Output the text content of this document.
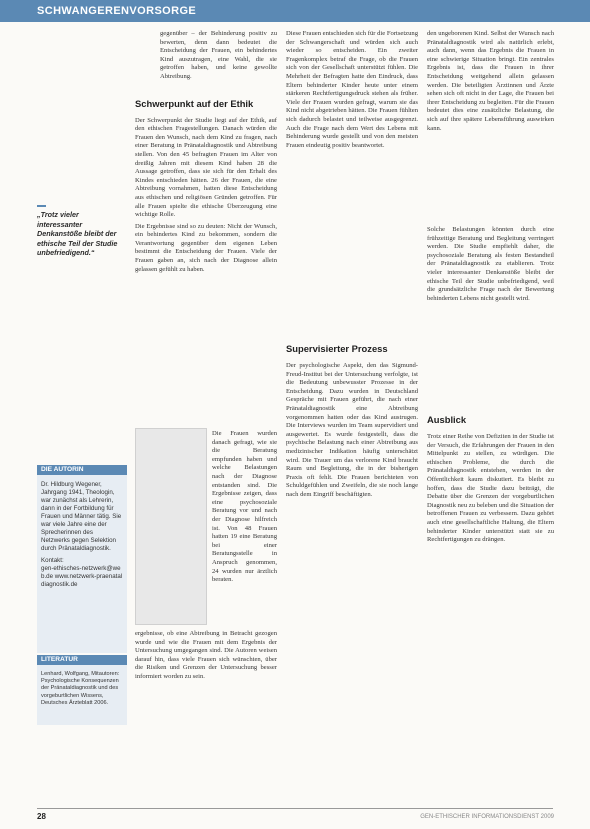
SCHWANGERENVORSORGE
„Trotz vieler interessanter Denkanstöße bleibt der ethische Teil der Studie unbefriedigend.“
DIE AUTORIN

Dr. Hildburg Wegener, Jahrgang 1941, Theologin, war zunächst als Lehrerin, dann in der Fortbildung für Frauen und Männer tätig. Sie war viele Jahre eine der Sprecherinnen des Netzwerks gegen Selektion durch Pränataldiagnostik.

Kontakt:

gen-ethisches-netzwerk@web.de www.netzwerk-praenataldiagnostik.de

LITERATUR

Lenhard, Wolfgang, Mitautoren: Psychologische Konsequenzen der Pränataldiagnostik und des vorgeburtlichen Wissens, Deutsches Ärzteblatt 2006.

gegenüber – der Behinderung positiv zu bewerten, denn dann bedeutet die Entscheidung der Frauen, ein behindertes Kind auszutragen, eine Wahl, die sie getroffen haben, und keine gewollte Abtreibung.

Schwerpunkt auf der Ethik

Der Schwerpunkt der Studie liegt auf der Ethik, auf den ethischen Fragestellungen. Danach würden die Frauen den Wunsch, nach dem Kind zu fragen, nach einer Beratung in Pränataldiagnostik und Abtreibung stellen. Von den 45 befragten Frauen im Alter von dreißig Jahren mit diesem Kind haben 28 die Aussage getroffen, dass sie sich für den Erhalt des Kindes entschieden hätten. 26 der Frauen, die eine Abtreibung vornahmen, hatten diese Entscheidung aus ethischen und religiösen Gründen getroffen. Für alle Frauen spielte die ethische Überzeugung eine wichtige Rolle.

Die Ergebnisse sind so zu deuten: Nicht der Wunsch, ein behindertes Kind zu bekommen, sondern die Verantwortung gegenüber dem eigenen Leben bestimmt die Entscheidung der Frauen. Viele der Frauen gaben an, sich nach der Diagnose allein gelassen gefühlt zu haben.

Die Frauen wurden danach gefragt, wie sie die Beratung empfunden haben und welche Belastungen nach der Diagnose entstanden sind. Die Ergebnisse zeigen, dass eine psychosoziale Beratung vor und nach der Diagnose hilfreich ist. Von 48 Frauen hatten 19 eine Beratung bei einer Beratungsstelle in Anspruch genommen, 24 wurden nur ärztlich beraten.

ergebnisse, ob eine Abtreibung in Betracht gezogen wurde und wie die Frauen mit dem Ergebnis der Untersuchung umgegangen sind. Die Autoren weisen darauf hin, dass viele Frauen sich wünschten, über die Risiken und Grenzen der Untersuchung besser informiert worden zu sein.

Diese Frauen entschieden sich für die Fortsetzung der Schwangerschaft und würden sich auch wieder so entscheiden. Ein zweiter Fragenkomplex betraf die Frage, ob die Frauen sich von der Gesellschaft unterstützt fühlen. Die Mehrheit der Befragten hatte den Eindruck, dass Eltern behinderter Kinder heute unter einem stärkeren Rechtfertigungsdruck stehen als früher. Viele der Frauen wurden gefragt, warum sie das Kind nicht abgetrieben hätten. Die Frauen fühlten sich dadurch belastet und teilweise ausgegrenzt. Auch die Frage nach dem Wert des Lebens mit Behinderung wurde gestellt und von den meisten Frauen eindeutig positiv beantwortet.

Supervisierter Prozess

Der psychologische Aspekt, den das Sigmund-Freud-Institut bei der Untersuchung verfolgte, ist die Bedeutung unbewusster Prozesse in der Entscheidung. Dazu wurden in Deutschland Gespräche mit Frauen geführt, die nach einer Pränataldiagnostik eine Abtreibung vorgenommen hatten oder das Kind austrugen. Die Interviews wurden im Team supervidiert und ausgewertet. Es wurde festgestellt, dass die psychische Belastung nach einer Abtreibung aus medizinischer Indikation häufig unterschätzt wird. Die Trauer um das verlorene Kind braucht Raum und Begleitung, die in der bisherigen Praxis oft fehlt. Die Frauen berichteten von Schuldgefühlen und Zweifeln, die sie noch lange nach dem Eingriff beschäftigten.

den ungeborenen Kind. Selbst der Wunsch nach Pränataldiagnostik wird als natürlich erlebt, auch dann, wenn das Ergebnis die Frauen in eine schwierige Situation bringt. Ein zentrales Ergebnis ist, dass die Frauen in ihrer Entscheidung weitgehend allein gelassen werden. Die beteiligten Ärztinnen und Ärzte sehen sich oft nicht in der Lage, die Frauen bei ihrer Entscheidung zu begleiten. Für die Frauen bedeutet dies eine zusätzliche Belastung, die sich auf ihre spätere Lebensführung auswirken kann.

Solche Belastungen könnten durch eine frühzeitige Beratung und Begleitung verringert werden. Die Studie empfiehlt daher, die psychosoziale Beratung als festen Bestandteil der Pränataldiagnostik zu etablieren. Trotz vieler interessanter Denkanstöße bleibt der ethische Teil der Studie unbefriedigend, weil die grundsätzliche Frage nach der Bewertung behinderten Lebens nicht gestellt wird.

Ausblick

Trotz einer Reihe von Defiziten in der Studie ist der Versuch, die Erfahrungen der Frauen in den Mittelpunkt zu stellen, zu würdigen. Die ethischen Probleme, die durch die Pränataldiagnostik entstehen, werden in der Öffentlichkeit kaum diskutiert. Es bleibt zu hoffen, dass die Studie dazu beiträgt, die Debatte über die Grenzen der vorgeburtlichen Diagnostik neu zu beleben und die Situation der betroffenen Frauen zu verbessern. Dazu gehört auch eine gesellschaftliche Haltung, die Eltern behinderter Kinder unterstützt statt sie zu Rechtfertigungen zu drängen.

28	GEN-ETHISCHER INFORMATIONSDIENST 2009
